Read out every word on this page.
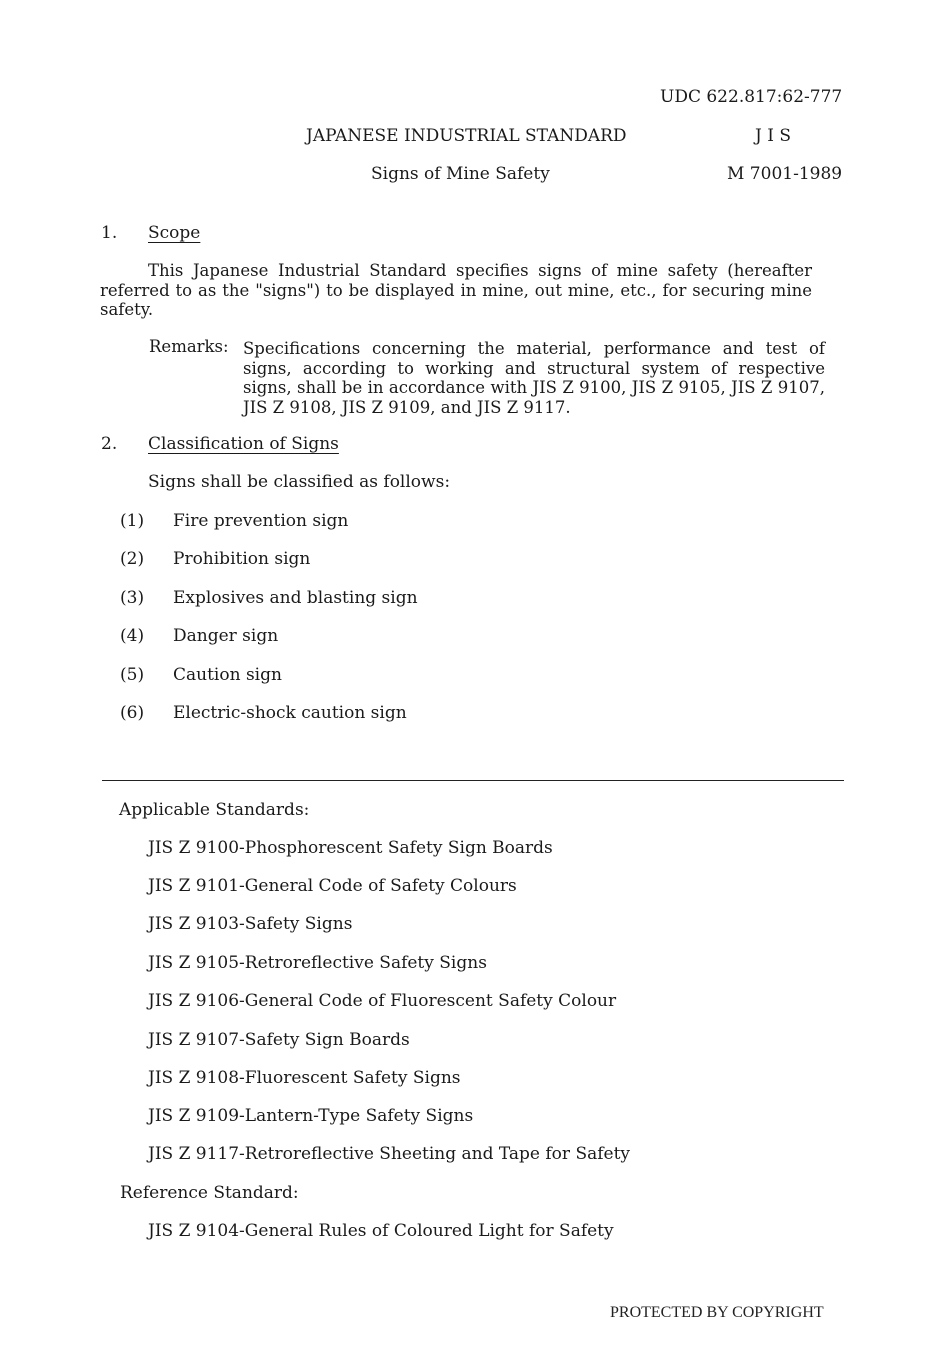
UDC 622.817:62-777
JAPANESE INDUSTRIAL STANDARD	J I S
Signs of Mine Safety	M 7001-1989
1. Scope
This Japanese Industrial Standard specifies signs of mine safety (hereafter referred to as the "signs") to be displayed in mine, out mine, etc., for securing mine safety.
Remarks: Specifications concerning the material, performance and test of signs, according to working and structural system of respective signs, shall be in accordance with JIS Z 9100, JIS Z 9105, JIS Z 9107, JIS Z 9108, JIS Z 9109, and JIS Z 9117.
2. Classification of Signs
Signs shall be classified as follows:
(1) Fire prevention sign
(2) Prohibition sign
(3) Explosives and blasting sign
(4) Danger sign
(5) Caution sign
(6) Electric-shock caution sign
Applicable Standards:
JIS Z 9100-Phosphorescent Safety Sign Boards
JIS Z 9101-General Code of Safety Colours
JIS Z 9103-Safety Signs
JIS Z 9105-Retroreflective Safety Signs
JIS Z 9106-General Code of Fluorescent Safety Colour
JIS Z 9107-Safety Sign Boards
JIS Z 9108-Fluorescent Safety Signs
JIS Z 9109-Lantern-Type Safety Signs
JIS Z 9117-Retroreflective Sheeting and Tape for Safety
Reference Standard:
JIS Z 9104-General Rules of Coloured Light for Safety
PROTECTED BY COPYRIGHT
